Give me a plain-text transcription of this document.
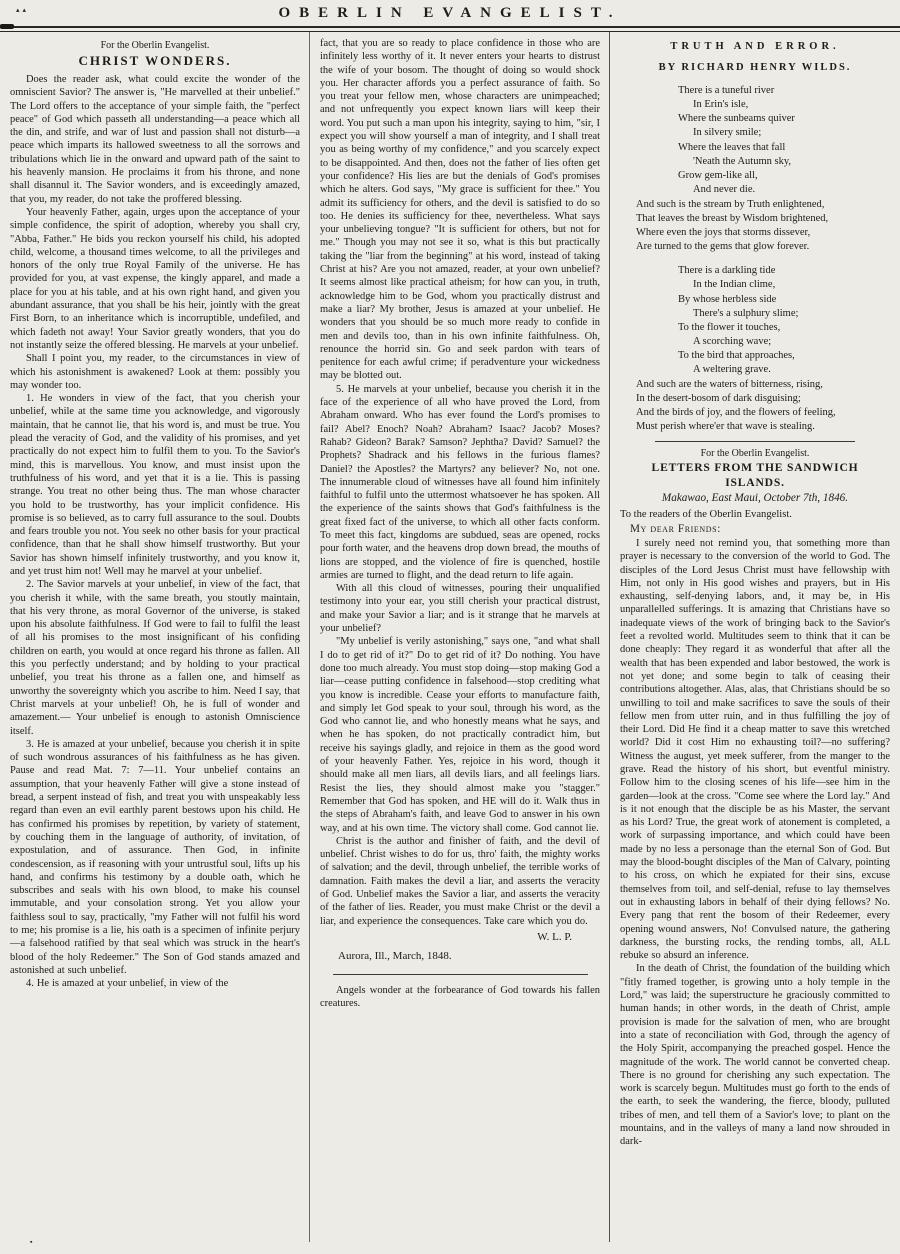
▴▴	OBERLIN EVANGELIST.

For the Oberlin Evangelist.

CHRIST WONDERS.

Does the reader ask, what could excite the wonder of the omniscient Savior? The answer is, "He marvelled at their unbelief." The Lord offers to the acceptance of your simple faith, the "perfect peace" of God which passeth all understanding—a peace which all the din, and strife, and war of lust and passion shall not disturb—a peace which imparts its hallowed sweetness to all the sorrows and tribulations which lie in the onward and upward path of the saint to his heavenly mansion. He proclaims it from his throne, and none shall disannul it. The Savior wonders, and is exceedingly amazed, that you, my reader, do not take the proffered blessing.

Your heavenly Father, again, urges upon the acceptance of your simple confidence, the spirit of adoption, whereby you shall cry, "Abba, Father." He bids you reckon yourself his child, his adopted child, welcome, a thousand times welcome, to all the privileges and honors of the only true Royal Family of the universe. He has provided for you, at vast expense, the kingly apparel, and made a place for you at his table, and at his own right hand, and given you abundant assurance, that you shall be his heir, jointly with the great First Born, to an inheritance which is incorruptible, undefiled, and which fadeth not away! Your Savior greatly wonders, that you do not instantly seize the offered blessing. He marvels at your unbelief.

Shall I point you, my reader, to the circumstances in view of which his astonishment is awakened? Look at them: possibly you may wonder too.

1. He wonders in view of the fact, that you cherish your unbelief, while at the same time you acknowledge, and vigorously maintain, that he cannot lie, that his word is, and must be true. You plead the veracity of God, and the validity of his promises, and yet practically do not expect him to fulfil them to you. To the Savior's mind, this is marvellous. You know, and must insist upon the truthfulness of his word, and yet that it is a lie. This is passing strange. You treat no other being thus. The man whose character you hold to be trustworthy, has your implicit confidence. His promise is so believed, as to carry full assurance to the soul. Doubts and fears trouble you not. You seek no other basis for your practical confidence, than that he shall show himself trustworthy. But your Savior has shown himself infinitely trustworthy, and you know it, and yet trust him not! Well may he marvel at your unbelief.

2. The Savior marvels at your unbelief, in view of the fact, that you cherish it while, with the same breath, you stoutly maintain, that his very throne, as moral Governor of the universe, is staked upon his absolute faithfulness. If God were to fail to fulfil the least of all his promises to the most insignificant of his confiding children on earth, you would at once regard his throne as fallen. All this you perfectly understand; and by holding to your practical unbelief, you treat his throne as a fallen one, and himself as unworthy the sovereignty which you ascribe to him. Need I say, that Christ marvels at your unbelief! Oh, he is full of wonder and amazement.— Your unbelief is enough to astonish Omniscience itself.

3. He is amazed at your unbelief, because you cherish it in spite of such wondrous assurances of his faithfulness as he has given. Pause and read Mat. 7: 7—11. Your unbelief contains an assumption, that your heavenly Father will give a stone instead of bread, a serpent instead of fish, and treat you with unspeakably less regard than even an evil earthly parent bestows upon his child. He has confirmed his promises by repetition, by variety of statement, by couching them in the language of authority, of invitation, of expostulation, and of assurance. Then God, in infinite condescension, as if reasoning with your untrustful soul, lifts up his hand, and confirms his testimony by a double oath, which he subscribes and seals with his own blood, to make his counsel immutable, and your consolation strong. Yet you allow your faithless soul to say, practically, "my Father will not fulfil his word to me; his promise is a lie, his oath is a specimen of infinite perjury—a falsehood ratified by that seal which was struck in the heart's blood of the holy Redeemer." The Son of God stands amazed and astonished at such unbelief.

4. He is amazed at your unbelief, in view of the

fact, that you are so ready to place confidence in those who are infinitely less worthy of it. It never enters your hearts to distrust the wife of your bosom. The thought of doing so would shock you. Her character affords you a perfect assurance of faith. So you treat your fellow men, whose characters are unimpeached; and not unfrequently you expect known liars will keep their word. You put such a man upon his integrity, saying to him, "sir, I expect you will show yourself a man of integrity, and I shall treat you as being worthy of my confidence," and you scarcely expect to be disappointed. And then, does not the father of lies often get your confidence? His lies are but the denials of God's promises which he alters. God says, "My grace is sufficient for thee." You admit its sufficiency for others, and the devil is satisfied to do so too. He denies its sufficiency for thee, nevertheless. What says your unbelieving tongue? "It is sufficient for others, but not for me." Though you may not see it so, what is this but practically taking the "liar from the beginning" at his word, instead of taking Christ at his? Are you not amazed, reader, at your own unbelief? It seems almost like practical atheism; for how can you, in truth, acknowledge him to be God, whom you practically distrust and make a liar? My brother, Jesus is amazed at your unbelief. He wonders that you should be so much more ready to confide in men and devils too, than in his own infinite faithfulness. Oh, renounce the horrid sin. Go and seek pardon with tears of penitence for each awful crime; if peradventure your wickedness may be blotted out.

5. He marvels at your unbelief, because you cherish it in the face of the experience of all who have proved the Lord, from Abraham onward. Who has ever found the Lord's promises to fail? Abel? Enoch? Noah? Abraham? Isaac? Jacob? Moses? Rahab? Gideon? Barak? Samson? Jephtha? David? Samuel? the Prophets? Shadrack and his fellows in the furious flames? Daniel? the Apostles? the Martyrs? any believer? No, not one. The innumerable cloud of witnesses have all found him infinitely faithful to fulfil unto the uttermost whatsoever he has spoken. All the experience of the saints shows that God's faithfulness is the great fixed fact of the universe, to which all other facts conform. To meet this fact, kingdoms are subdued, seas are opened, rocks pour forth water, and the heavens drop down bread, the mouths of lions are stopped, and the violence of fire is quenched, hostile armies are turned to flight, and the dead return to life again.

With all this cloud of witnesses, pouring their unqualified testimony into your ear, you still cherish your practical distrust, and make your Savior a liar; and is it strange that he marvels at your unbelief?

"My unbelief is verily astonishing," says one, "and what shall I do to get rid of it?" Do to get rid of it? Do nothing. You have done too much already. You must stop doing—stop making God a liar—cease putting confidence in falsehood—stop crediting what you know is incredible. Cease your efforts to manufacture faith, and simply let God speak to your soul, through his word, as the God who cannot lie, and who honestly means what he says, and when he has spoken, do not practically contradict him, but receive his sayings gladly, and rejoice in them as the good word of your heavenly Father. Yes, rejoice in his word, though it should make all men liars, all devils liars, and all feelings liars. Resist the lies, they should almost make you "stagger." Remember that God has spoken, and HE will do it. Walk thus in the steps of Abraham's faith, and leave God to answer in his own way, and at his own time. The victory shall come. God cannot lie.

Christ is the author and finisher of faith, and the devil of unbelief. Christ wishes to do for us, thro' faith, the mighty works of salvation; and the devil, through unbelief, the terrible works of damnation. Faith makes the devil a liar, and asserts the veracity of God. Unbelief makes the Savior a liar, and asserts the veracity of the father of lies. Reader, you must make Christ or the devil a liar, and experience the consequences. Take care which you do.

W. L. P.

Aurora, Ill., March, 1848.

Angels wonder at the forbearance of God towards his fallen creatures.

TRUTH AND ERROR.

BY RICHARD HENRY WILDS.

There is a tuneful river

In Erin's isle,

Where the sunbeams quiver

In silvery smile;

Where the leaves that fall

'Neath the Autumn sky,

Grow gem-like all,

And never die.

And such is the stream by Truth enlightened,

That leaves the breast by Wisdom brightened,

Where even the joys that storms dissever,

Are turned to the gems that glow forever.

There is a darkling tide

In the Indian clime,

By whose herbless side

There's a sulphury slime;

To the flower it touches,

A scorching wave;

To the bird that approaches,

A weltering grave.

And such are the waters of bitterness, rising,

In the desert-bosom of dark disguising;

And the birds of joy, and the flowers of feeling,

Must perish where'er that wave is stealing.

For the Oberlin Evangelist.

LETTERS FROM THE SANDWICH ISLANDS.

Makawao, East Maui, October 7th, 1846.

To the readers of the Oberlin Evangelist.

My dear Friends:

I surely need not remind you, that something more than prayer is necessary to the conversion of the world to God. The disciples of the Lord Jesus Christ must have fellowship with Him, not only in His good wishes and prayers, but in His exhausting, self-denying labors, and, it may be, in His unparallelled sufferings. It is amazing that Christians have so inadequate views of the work of bringing back to the Savior's feet a revolted world. Multitudes seem to think that it can be done cheaply: They regard it as wonderful that after all the wealth that has been expended and labor bestowed, the work is not yet done; and some begin to talk of ceasing their contributions altogether. Alas, alas, that Christians should be so unwilling to toil and make sacrifices to save the souls of their fellow men from utter ruin, and in thus fulfilling the joy of their Lord. Did He find it a cheap matter to save this wretched world? Did it cost Him no exhausting toil?—no suffering? Witness the august, yet meek sufferer, from the manger to the grave. Read the history of his short, but eventful ministry. Follow him to the closing scenes of his life—see him in the garden—look at the cross. "Come see where the Lord lay." And is it not enough that the disciple be as his Master, the servant as his Lord? True, the great work of atonement is completed, a work of surpassing importance, and which could have been made by no less a personage than the eternal Son of God. But may the blood-bought disciples of the Man of Calvary, pointing to his cross, on which he expiated for their sins, excuse themselves from toil, and self-denial, refuse to lay themselves out in exhausting labors in behalf of their dying fellows? No. Every pang that rent the bosom of their Redeemer, every opening wound answers, No! Convulsed nature, the gathering darkness, the bursting rocks, the rending tombs, all, ALL rebuke so absurd an inference.

In the death of Christ, the foundation of the building which "fitly framed together, is growing unto a holy temple in the Lord," was laid; the superstructure he graciously committed to human hands; in other words, in the death of Christ, ample provision is made for the salvation of men, who are brought into a state of reconciliation with God, through the agency of the Holy Spirit, accompanying the preached gospel. Hence the magnitude of the work. The world cannot be converted cheap. There is no ground for cherishing any such expectation. The work is scarcely begun. Multitudes must go forth to the ends of the earth, to seek the wandering, the fierce, bloody, pulluted tribes of men, and tell them of a Savior's love; to plant on the mountains, and in the valleys of many a land now shrouded in dark-

▪
